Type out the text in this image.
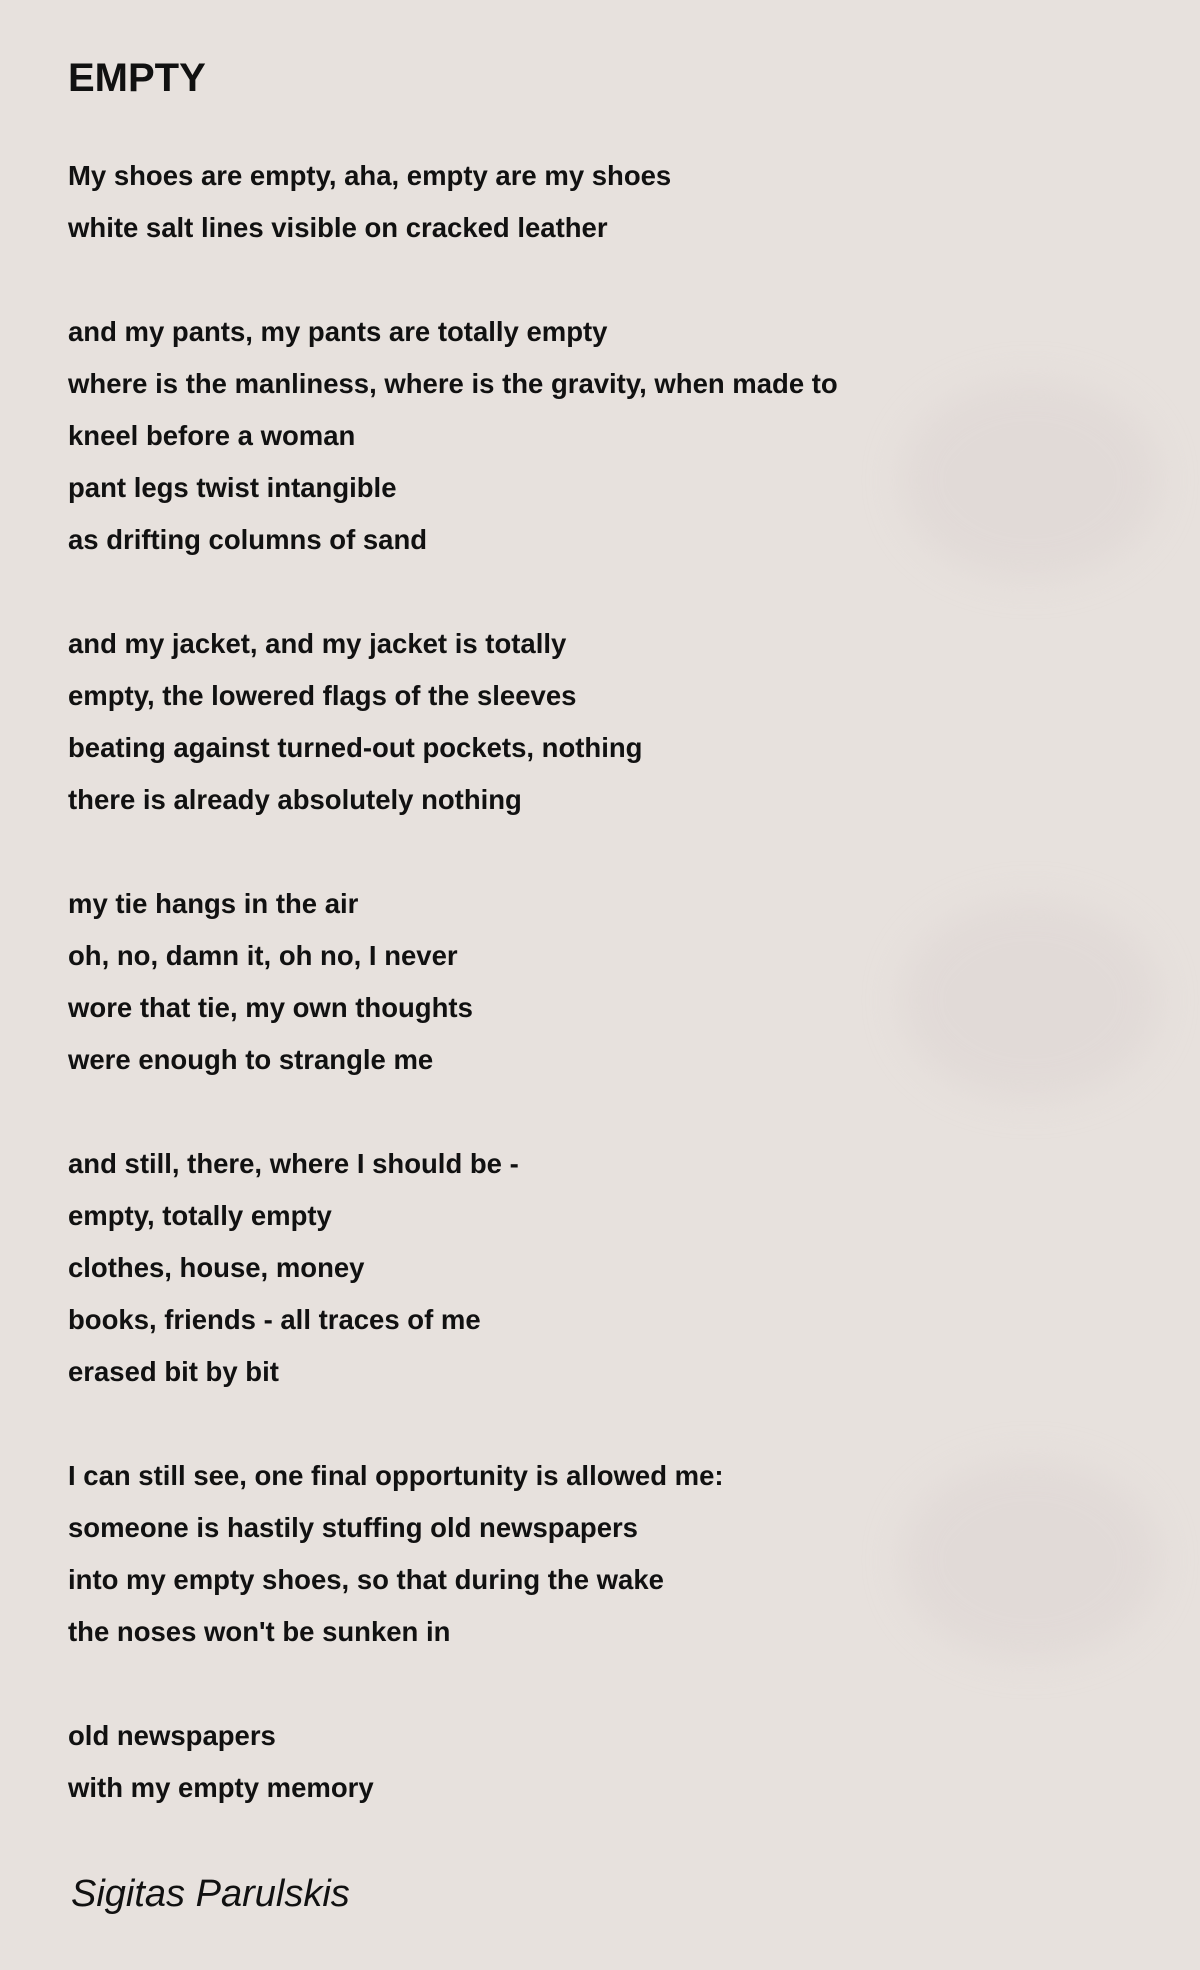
EMPTY
My shoes are empty, aha, empty are my shoes
white salt lines visible on cracked leather
and my pants, my pants are totally empty
where is the manliness, where is the gravity, when made to
kneel before a woman
pant legs twist intangible
as drifting columns of sand
and my jacket, and my jacket is totally
empty, the lowered flags of the sleeves
beating against turned-out pockets, nothing
there is already absolutely nothing
my tie hangs in the air
oh, no, damn it, oh no, I never
wore that tie, my own thoughts
were enough to strangle me
and still, there, where I should be -
empty, totally empty
clothes, house, money
books, friends - all traces of me
erased bit by bit
I can still see, one final opportunity is allowed me:
someone is hastily stuffing old newspapers
into my empty shoes, so that during the wake
the noses won't be sunken in
old newspapers
with my empty memory
Sigitas Parulskis
